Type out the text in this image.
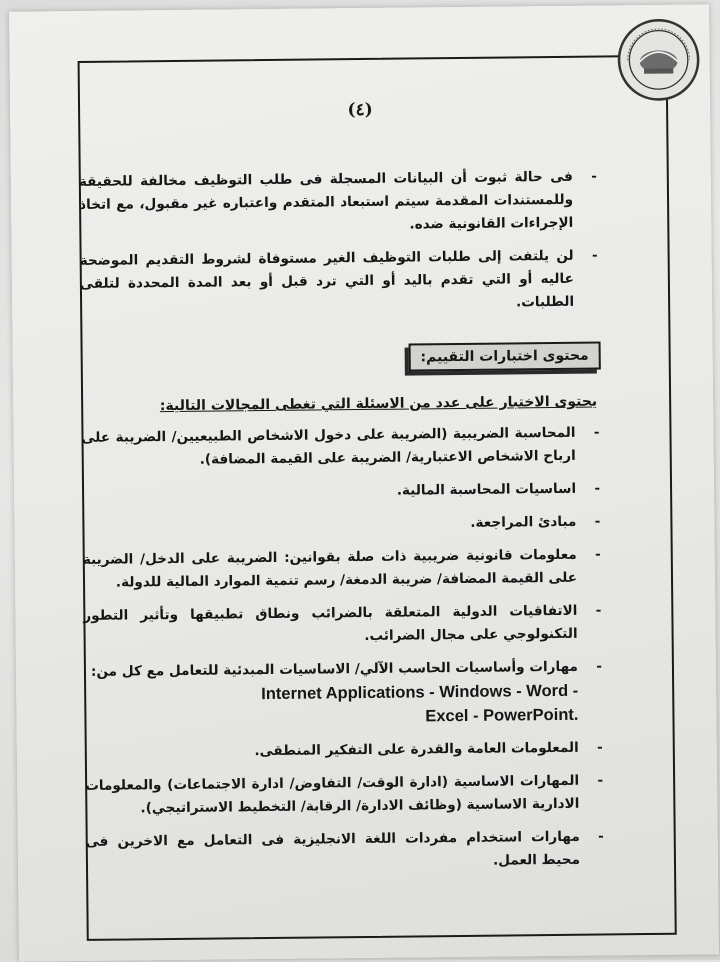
(٤)
-
فى حالة ثبوت أن البيانات المسجلة فى طلب التوظيف مخالفة للحقيقة وللمستندات المقدمة سيتم استبعاد المتقدم واعتباره غير مقبول، مع اتخاذ الإجراءات القانونية ضده.
-
لن يلتفت إلى طلبات التوظيف الغير مستوفاة لشروط التقديم الموضحة عاليه أو التي تقدم باليد أو التي ترد قبل أو بعد المدة المحددة لتلقى الطلبات.
محتوى اختبارات التقييم:
يحتوى الاختبار على عدد من الاسئلة التي تغطى المجالات التالية:
-
المحاسبة الضريبية (الضريبة على دخول الاشخاص الطبيعيين/ الضريبة على ارباح الاشخاص الاعتبارية/ الضريبة على القيمة المضافة).
-
اساسيات المحاسبة المالية.
-
مبادئ المراجعة.
-
معلومات قانونية ضريبية ذات صلة بقوانين: الضريبة على الدخل/ الضريبة على القيمة المضافة/ ضريبة الدمغة/ رسم تنمية الموارد المالية للدولة.
-
الاتفاقيات الدولية المتعلقة بالضرائب ونطاق تطبيقها وتأثير التطور التكنولوجي على مجال الضرائب.
-
مهارات وأساسيات الحاسب الآلي/ الاساسيات المبدئية للتعامل مع كل من:
Internet Applications - Windows - Word -
Excel - PowerPoint.
-
المعلومات العامة والقدرة على التفكير المنطقى.
-
المهارات الاساسية (ادارة الوقت/ التفاوض/ ادارة الاجتماعات) والمعلومات الادارية الاساسية (وظائف الادارة/ الرقابة/ التخطيط الاستراتيجي).
-
مهارات استخدام مفردات اللغة الانجليزية فى التعامل مع الاخرين فى محيط العمل.
